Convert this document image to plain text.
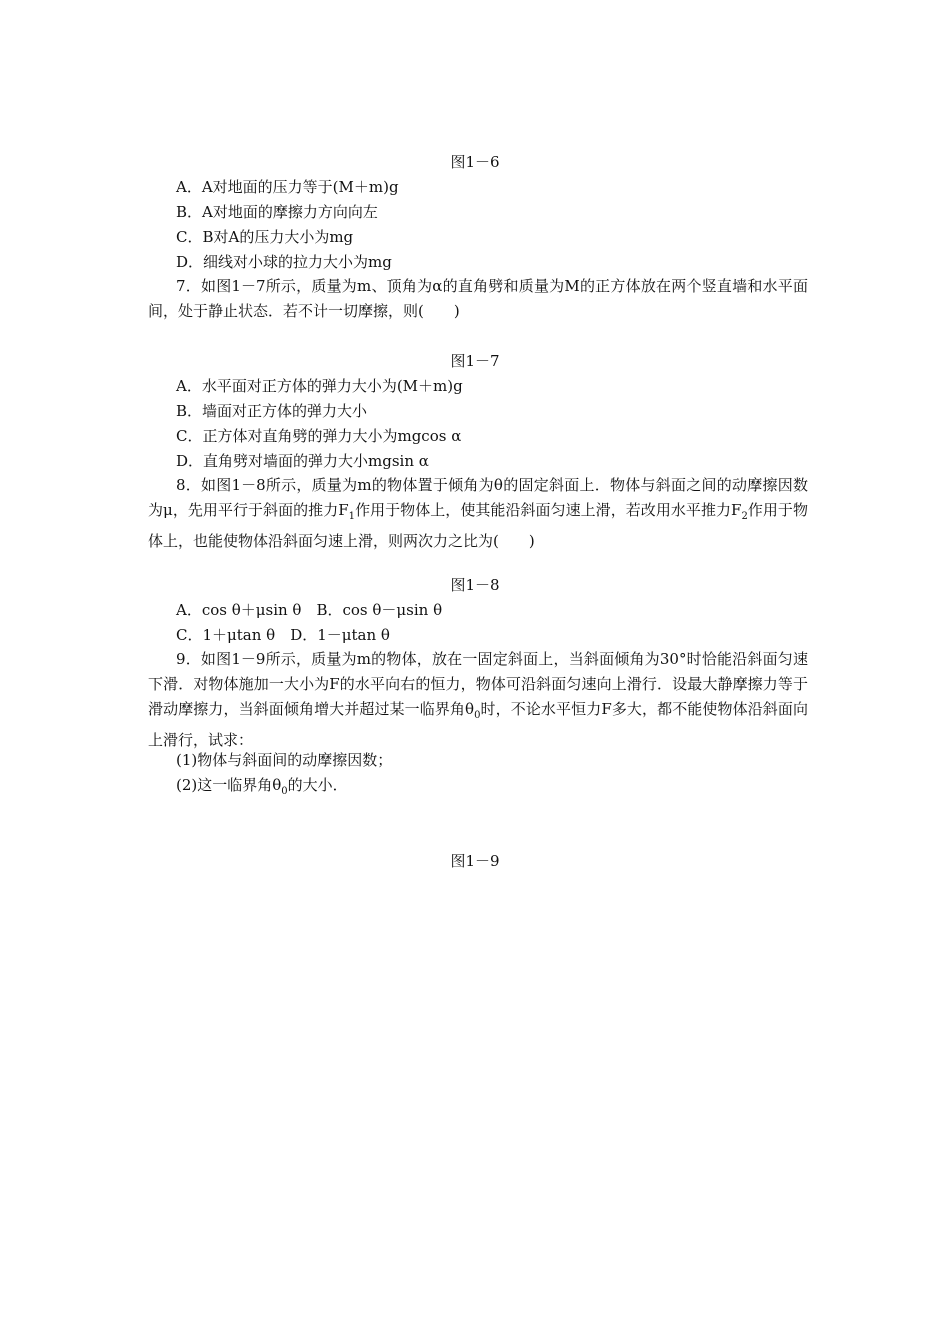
图1－6
A．A对地面的压力等于(M＋m)g
B．A对地面的摩擦力方向向左
C．B对A的压力大小为mg
D．细线对小球的拉力大小为mg
7．如图1－7所示，质量为m、顶角为α的直角劈和质量为M的正方体放在两个竖直墙和水平面间，处于静止状态．若不计一切摩擦，则(　　)
图1－7
A．水平面对正方体的弹力大小为(M＋m)g
B．墙面对正方体的弹力大小
C．正方体对直角劈的弹力大小为mgcos α
D．直角劈对墙面的弹力大小mgsin α
8．如图1－8所示，质量为m的物体置于倾角为θ的固定斜面上．物体与斜面之间的动摩擦因数为μ，先用平行于斜面的推力$F_1$作用于物体上，使其能沿斜面匀速上滑，若改用水平推力$F_2$作用于物体上，也能使物体沿斜面匀速上滑，则两次力之比为(　　)
图1－8
A．cos θ＋μsin θ　B．cos θ－μsin θ
C．1＋μtan θ　D．1－μtan θ
9．如图1－9所示，质量为m的物体，放在一固定斜面上，当斜面倾角为30°时恰能沿斜面匀速下滑．对物体施加一大小为F的水平向右的恒力，物体可沿斜面匀速向上滑行．设最大静摩擦力等于滑动摩擦力，当斜面倾角增大并超过某一临界角$\theta_0$时，不论水平恒力F多大，都不能使物体沿斜面向上滑行，试求：
(1)物体与斜面间的动摩擦因数；
(2)这一临界角$\theta_0$的大小．
图1－9
